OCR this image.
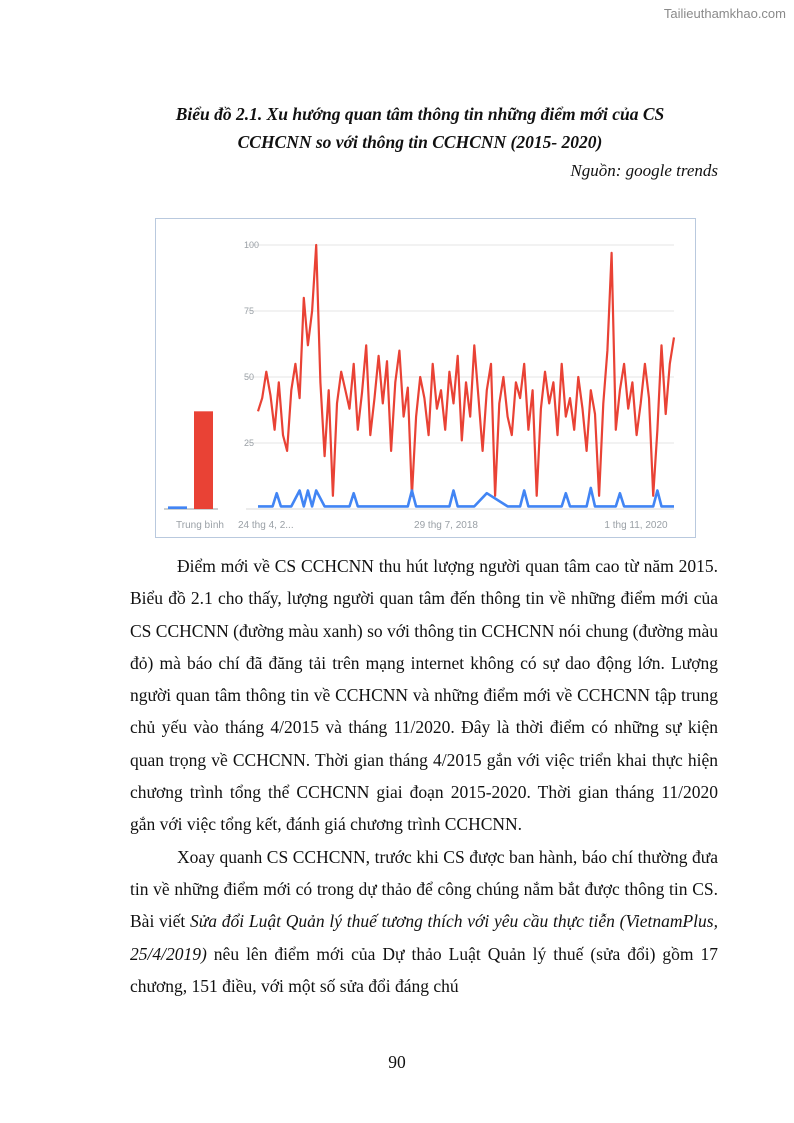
Tailieuthamkhao.com
Biểu đồ 2.1. Xu hướng quan tâm thông tin những điểm mới của CS
CCHCNN so với thông tin CCHCNN (2015- 2020)
Nguồn: google trends
100
75
50
25
24 thg 4, 2...	29 thg 7, 2018	1 thg 11, 2020
Trung bình

Điểm mới về CS CCHCNN thu hút lượng người quan tâm cao từ năm 2015. Biểu đồ 2.1 cho thấy, lượng người quan tâm đến thông tin về những điểm mới của CS CCHCNN (đường màu xanh) so với thông tin CCHCNN nói chung (đường màu đỏ) mà báo chí đã đăng tải trên mạng internet không có sự dao động lớn. Lượng người quan tâm thông tin về CCHCNN và những điểm mới về CCHCNN tập trung chủ yếu vào tháng 4/2015 và tháng 11/2020. Đây là thời điểm có những sự kiện quan trọng về CCHCNN. Thời gian tháng 4/2015 gắn với việc triển khai thực hiện chương trình tổng thể CCHCNN giai đoạn 2015-2020. Thời gian tháng 11/2020 gắn với việc tổng kết, đánh giá chương trình CCHCNN.

Xoay quanh CS CCHCNN, trước khi CS được ban hành, báo chí thường đưa tin về những điểm mới có trong dự thảo để công chúng nắm bắt được thông tin CS. Bài viết Sửa đổi Luật Quản lý thuế tương thích với yêu cầu thực tiễn (VietnamPlus, 25/4/2019) nêu lên điểm mới của Dự thảo Luật Quản lý thuế (sửa đổi) gồm 17 chương, 151 điều, với một số sửa đổi đáng chú

90
